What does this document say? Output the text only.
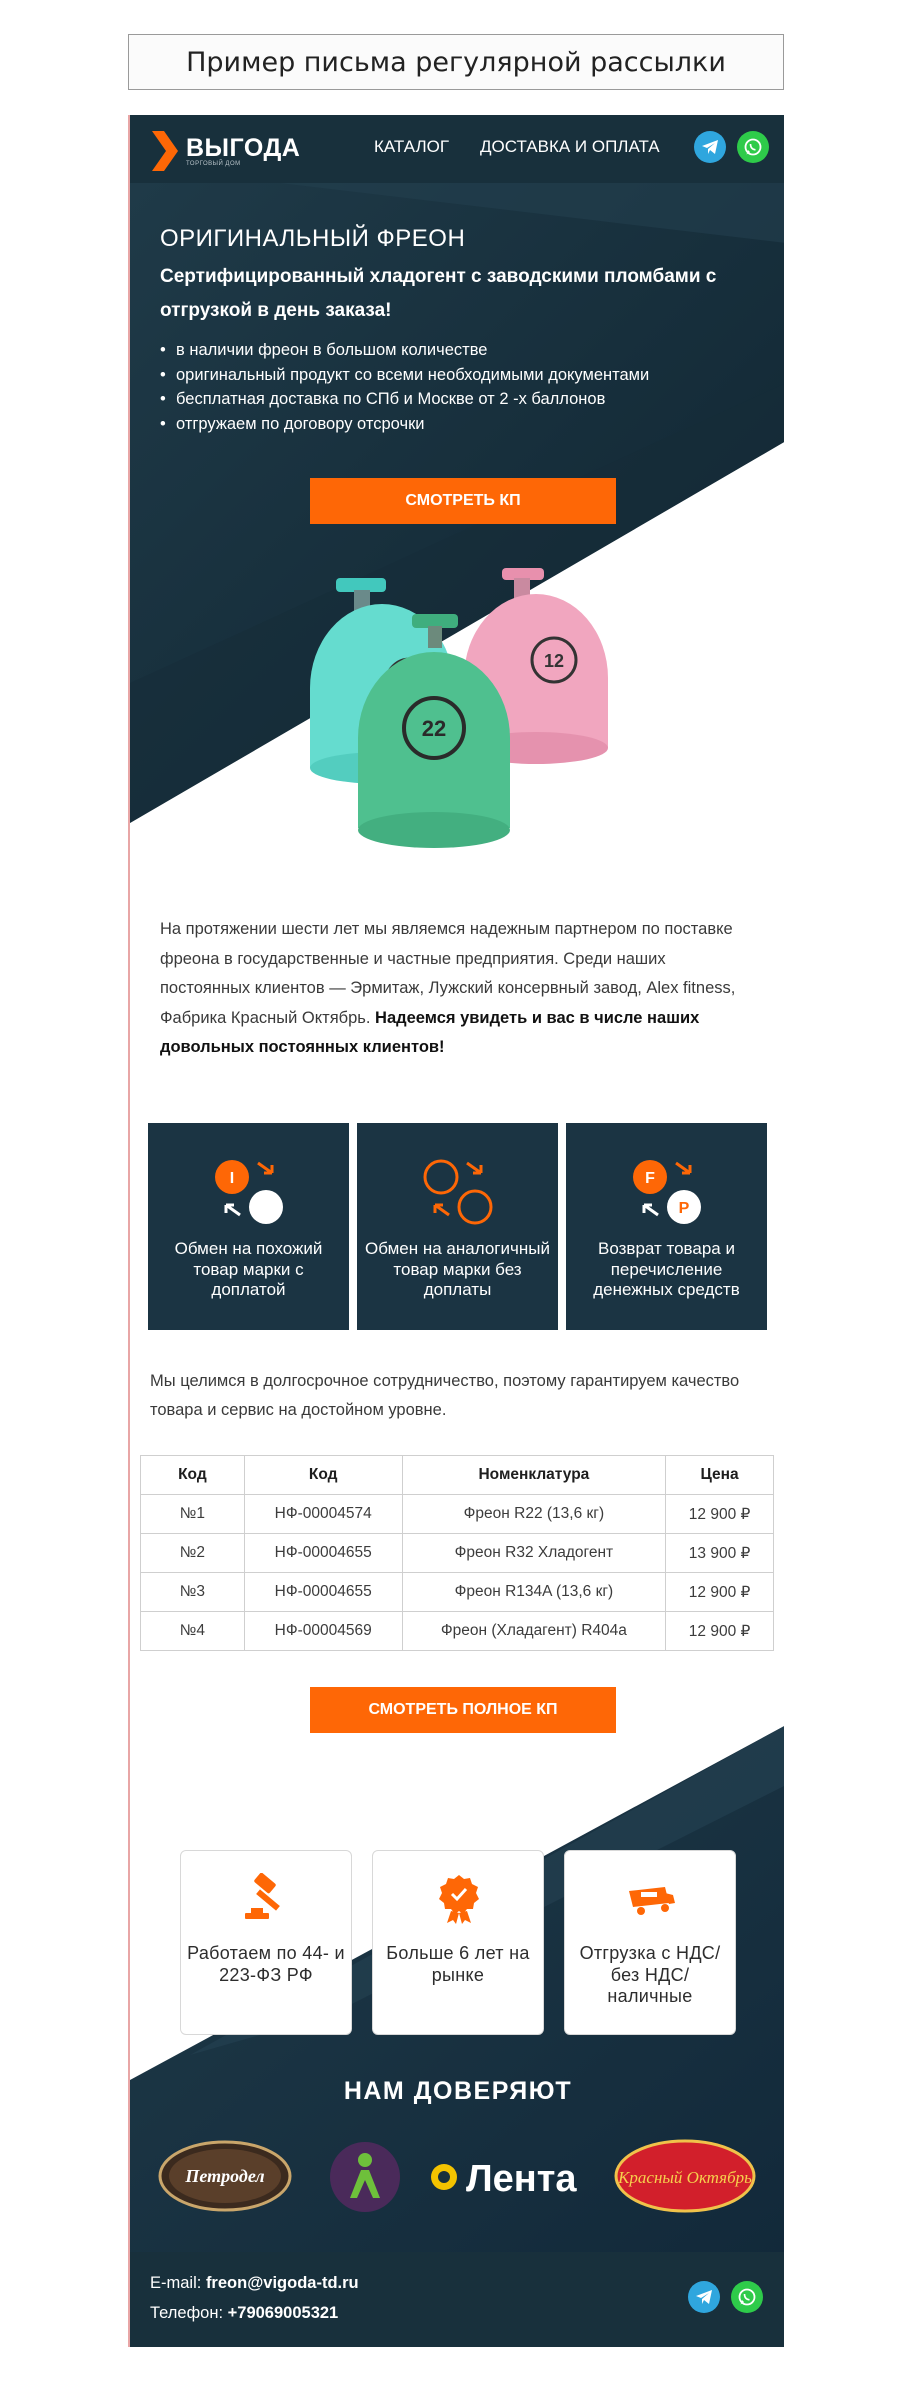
Пример письма регулярной рассылки
ВЫГОДА
ТОРГОВЫЙ ДОМ
КАТАЛОГ ДОСТАВКА И ОПЛАТА
ОРИГИНАЛЬНЫЙ ФРЕОН
Сертифицированный хладогент с заводскими пломбами с отгрузкой в день заказа!
• в наличии фреон в большом количестве
• оригинальный продукт со всеми необходимыми документами
• бесплатная доставка по СПб и Москве от 2 -х баллонов
• отгружаем по договору отсрочки
СМОТРЕТЬ КП
12
22
На протяжении шести лет мы являемся надежным партнером по поставке фреона в государственные и частные предприятия. Среди наших постоянных клиентов — Эрмитаж, Лужский консервный завод, Alex fitness, Фабрика Красный Октябрь. Надеемся увидеть и вас в числе наших довольных постоянных клиентов!
I
Обмен на похожий товар марки с доплатой
Обмен на аналогичный товар марки без доплаты
F
P
Возврат товара и перечисление денежных средств
Мы целимся в долгосрочное сотрудничество, поэтому гарантируем качество товара и сервис на достойном уровне.
Код	Код	Номенклатура	Цена
№1	НФ-00004574	Фреон R22 (13,6 кг)	12 900 ₽
№2	НФ-00004655	Фреон R32 Хладогент	13 900 ₽
№3	НФ-00004655	Фреон R134A (13,6 кг)	12 900 ₽
№4	НФ-00004569	Фреон (Хладагент) R404a	12 900 ₽
СМОТРЕТЬ ПОЛНОЕ КП
Работаем по 44- и 223-ФЗ РФ
Больше 6 лет на рынке
Отгрузка с НДС/без НДС/ наличные
НАМ ДОВЕРЯЮТ
Петродел	Лента Красный Октябрь
E-mail: freon@vigoda-td.ru
Телефон: +79069005321
